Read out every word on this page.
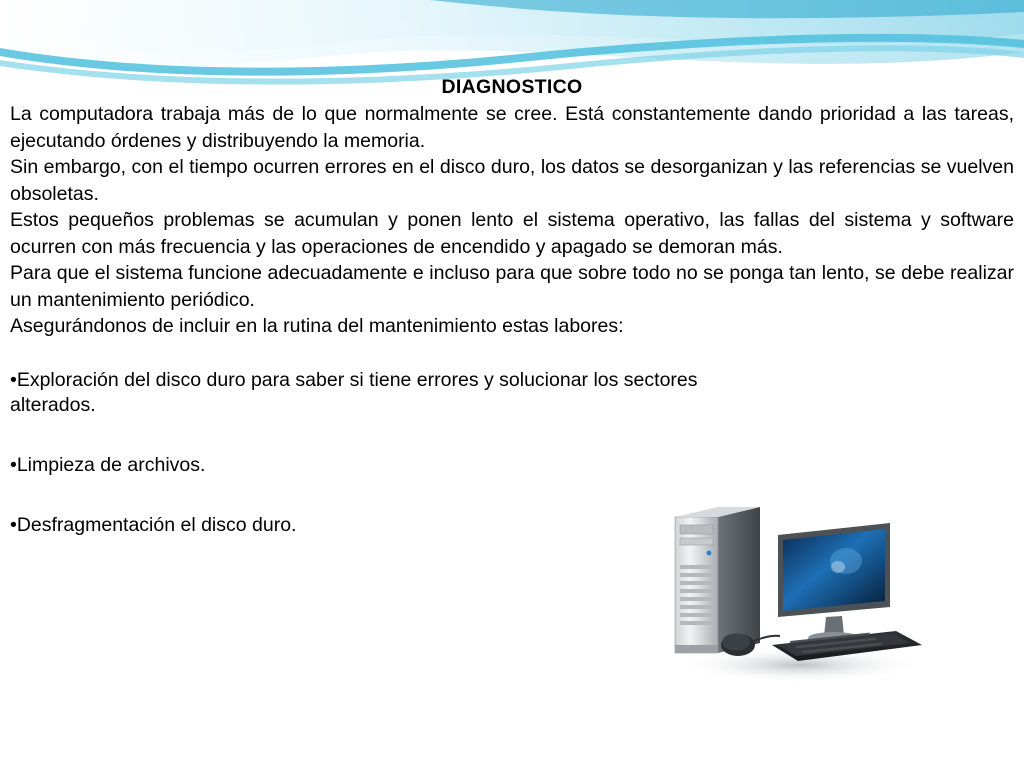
DIAGNOSTICO

La computadora trabaja más de lo que normalmente se cree. Está constantemente dando prioridad a las tareas, ejecutando órdenes y distribuyendo la memoria.

Sin embargo, con el tiempo ocurren errores en el disco duro, los datos se desorganizan y las referencias se vuelven obsoletas.

Estos pequeños problemas se acumulan y ponen lento el sistema operativo, las fallas del sistema y software ocurren con más frecuencia y las operaciones de encendido y apagado se demoran más.

Para que el sistema funcione adecuadamente e incluso para que sobre todo no se ponga tan lento, se debe realizar un mantenimiento periódico.

Asegurándonos de incluir en la rutina del mantenimiento estas labores:

•Exploración del disco duro para saber si tiene errores y solucionar los sectores alterados.

•Limpieza de archivos.

•Desfragmentación el disco duro.
